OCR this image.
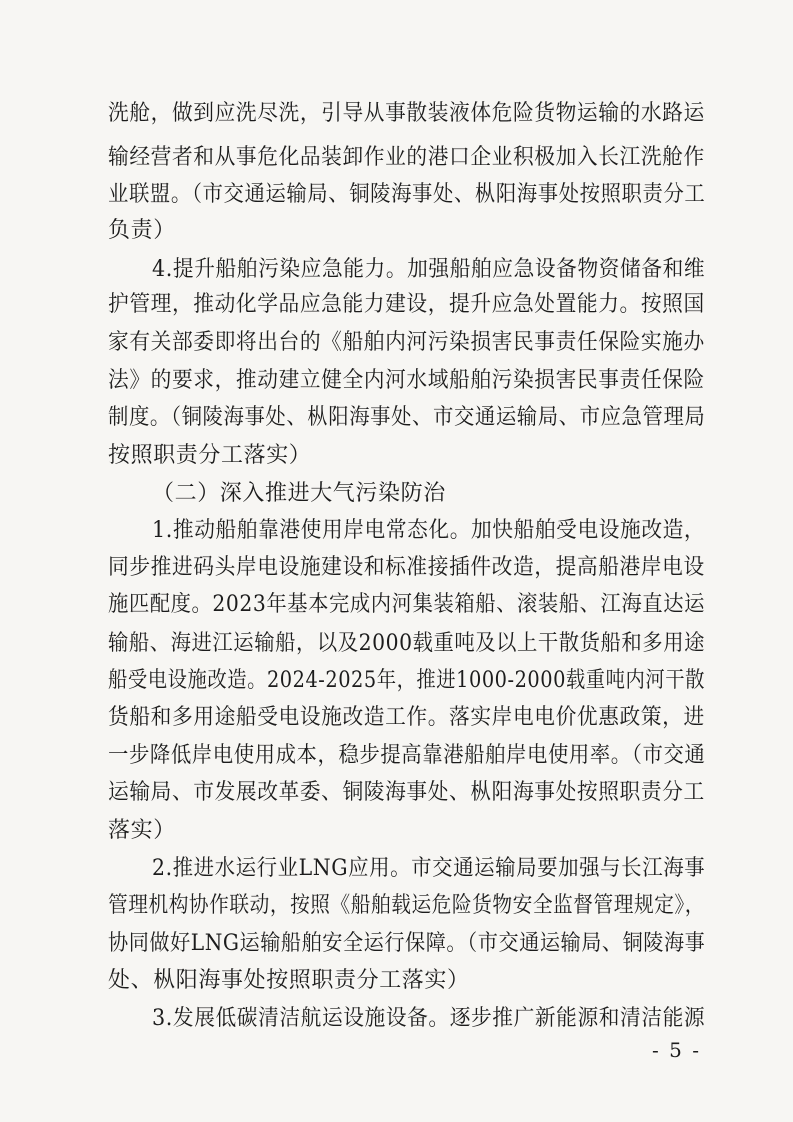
洗舱，做到应洗尽洗，引导从事散装液体危险货物运输的水路运
输经营者和从事危化品装卸作业的港口企业积极加入长江洗舱作
业联盟。（市交通运输局、铜陵海事处、枞阳海事处按照职责分工
负责）
4.提升船舶污染应急能力。加强船舶应急设备物资储备和维
护管理，推动化学品应急能力建设，提升应急处置能力。按照国
家有关部委即将出台的《船舶内河污染损害民事责任保险实施办
法》的要求，推动建立健全内河水域船舶污染损害民事责任保险
制度。（铜陵海事处、枞阳海事处、市交通运输局、市应急管理局
按照职责分工落实）
（二）深入推进大气污染防治
1.推动船舶靠港使用岸电常态化。加快船舶受电设施改造，
同步推进码头岸电设施建设和标准接插件改造，提高船港岸电设
施匹配度。2023年基本完成内河集装箱船、滚装船、江海直达运
输船、海进江运输船，以及2000载重吨及以上干散货船和多用途
船受电设施改造。2024-2025年，推进1000-2000载重吨内河干散
货船和多用途船受电设施改造工作。落实岸电电价优惠政策，进
一步降低岸电使用成本，稳步提高靠港船舶岸电使用率。（市交通
运输局、市发展改革委、铜陵海事处、枞阳海事处按照职责分工
落实）
2.推进水运行业LNG应用。市交通运输局要加强与长江海事
管理机构协作联动，按照《船舶载运危险货物安全监督管理规定》，
协同做好LNG运输船舶安全运行保障。（市交通运输局、铜陵海事
处、枞阳海事处按照职责分工落实）
3.发展低碳清洁航运设施设备。逐步推广新能源和清洁能源
- 5 -
